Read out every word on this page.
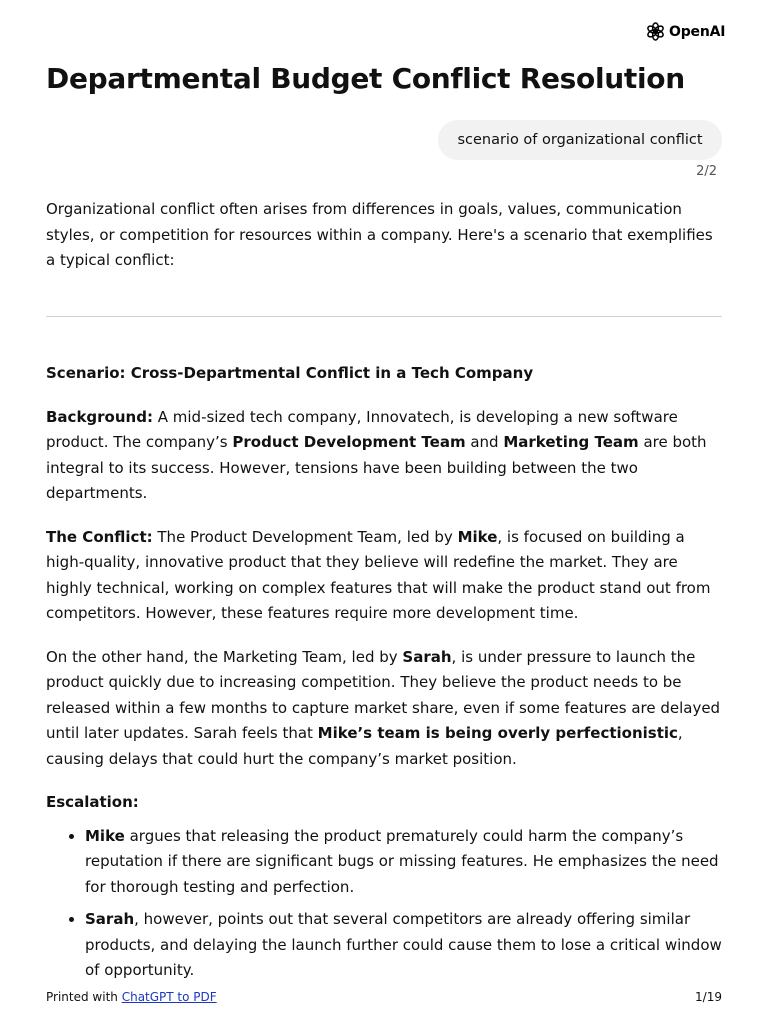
OpenAI
Departmental Budget Conflict Resolution
scenario of organizational conflict
2/2

Organizational conflict often arises from differences in goals, values, communication styles, or competition for resources within a company. Here's a scenario that exemplifies a typical conflict:

Scenario: Cross-Departmental Conflict in a Tech Company

Background: A mid-sized tech company, Innovatech, is developing a new software product. The company’s Product Development Team and Marketing Team are both integral to its success. However, tensions have been building between the two departments.

The Conflict: The Product Development Team, led by Mike, is focused on building a high-quality, innovative product that they believe will redefine the market. They are highly technical, working on complex features that will make the product stand out from competitors. However, these features require more development time.

On the other hand, the Marketing Team, led by Sarah, is under pressure to launch the product quickly due to increasing competition. They believe the product needs to be released within a few months to capture market share, even if some features are delayed until later updates. Sarah feels that Mike’s team is being overly perfectionistic, causing delays that could hurt the company’s market position.

Escalation:

• Mike argues that releasing the product prematurely could harm the company’s reputation if there are significant bugs or missing features. He emphasizes the need for thorough testing and perfection.
• Sarah, however, points out that several competitors are already offering similar products, and delaying the launch further could cause them to lose a critical window of opportunity.
Printed with ChatGPT to PDF	1/19
